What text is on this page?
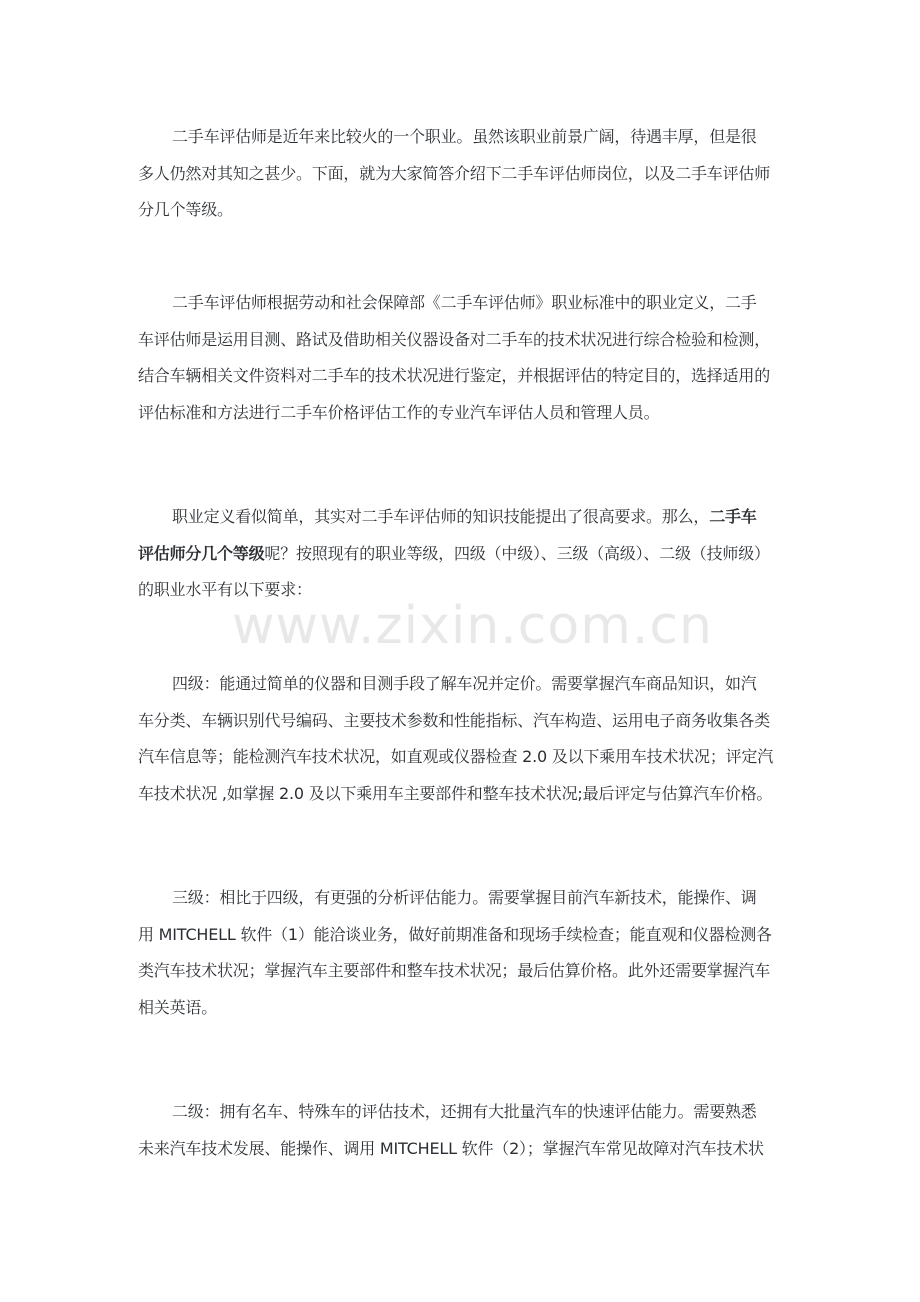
二手车评估师是近年来比较火的一个职业。虽然该职业前景广阔，待遇丰厚，但是很
多人仍然对其知之甚少。下面，就为大家简答介绍下二手车评估师岗位，以及二手车评估师
分几个等级。
二手车评估师根据劳动和社会保障部《二手车评估师》职业标准中的职业定义，二手
车评估师是运用目测、路试及借助相关仪器设备对二手车的技术状况进行综合检验和检测，
结合车辆相关文件资料对二手车的技术状况进行鉴定，并根据评估的特定目的，选择适用的
评估标准和方法进行二手车价格评估工作的专业汽车评估人员和管理人员。
职业定义看似简单，其实对二手车评估师的知识技能提出了很高要求。那么，二手车
评估师分几个等级呢？按照现有的职业等级，四级（中级）、三级（高级）、二级（技师级）
的职业水平有以下要求：
四级：能通过简单的仪器和目测手段了解车况并定价。需要掌握汽车商品知识，如汽
车分类、车辆识别代号编码、主要技术参数和性能指标、汽车构造、运用电子商务收集各类
汽车信息等；能检测汽车技术状况，如直观或仪器检查 2.0 及以下乘用车技术状况；评定汽
车技术状况 ,如掌握 2.0 及以下乘用车主要部件和整车技术状况;最后评定与估算汽车价格。
三级：相比于四级，有更强的分析评估能力。需要掌握目前汽车新技术，能操作、调
用 MITCHELL 软件（1）能洽谈业务，做好前期准备和现场手续检查；能直观和仪器检测各
类汽车技术状况；掌握汽车主要部件和整车技术状况；最后估算价格。此外还需要掌握汽车
相关英语。
二级：拥有名车、特殊车的评估技术，还拥有大批量汽车的快速评估能力。需要熟悉
未来汽车技术发展、能操作、调用 MITCHELL 软件（2）；掌握汽车常见故障对汽车技术状
www.zixin.com.cn
